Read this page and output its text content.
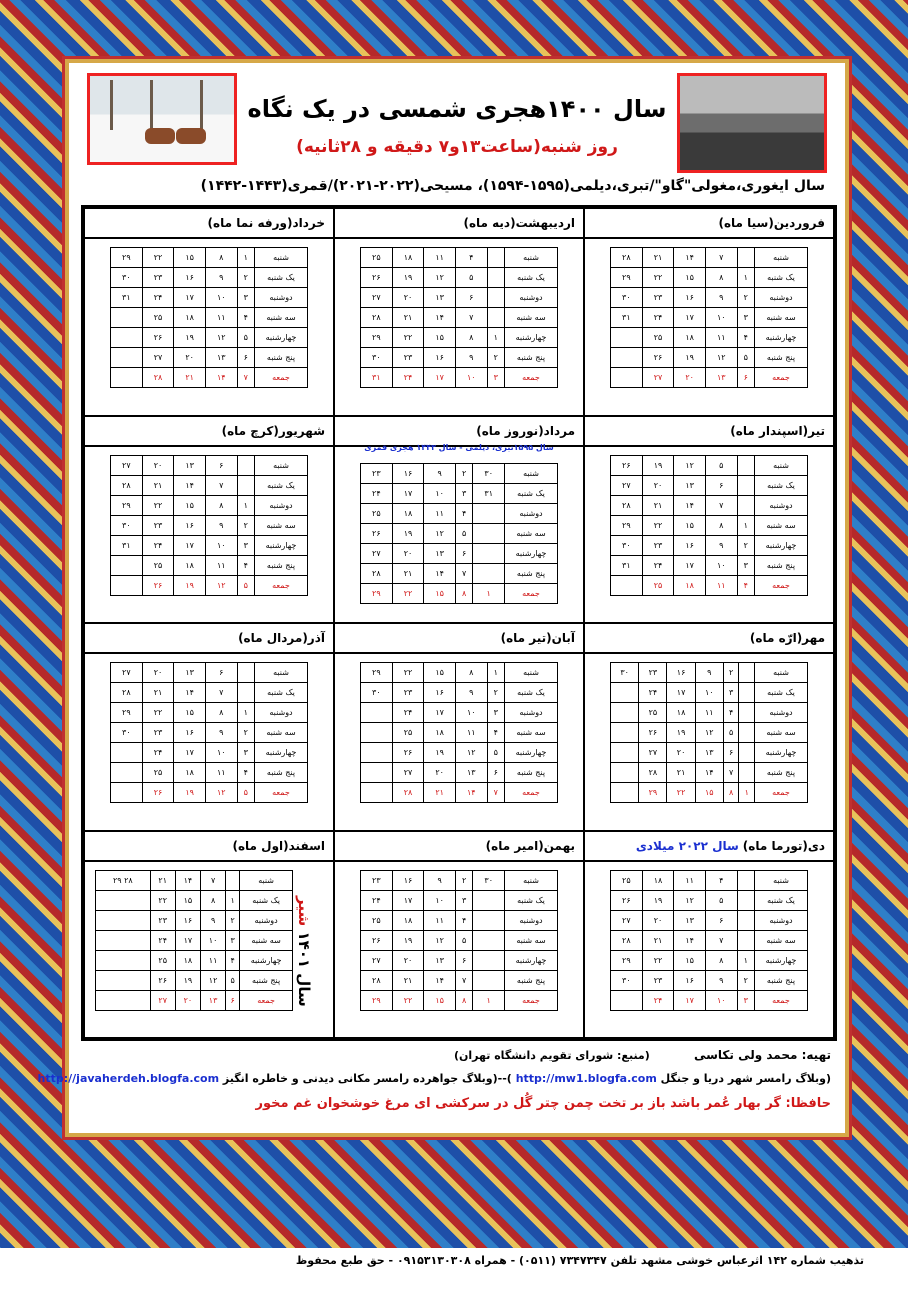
سال ۱۴۰۰هجری شمسی در یک نگاه
روز شنبه(ساعت۱۳و۷ دقیقه و ۲۸ثانیه)
سال ایغوری،مغولی"گاو"/تبری،دیلمی(۱۵۹۵-۱۵۹۴)، مسیحی(۲۰۲۲-۲۰۲۱)/قمری(۱۴۴۳-۱۴۴۲)
فروردین(سیا ماه)
شنبه		۷	۱۴	۲۱	۲۸
یک شنبه	۱	۸	۱۵	۲۲	۲۹
دوشنبه	۲	۹	۱۶	۲۳	۳۰
سه شنبه	۳	۱۰	۱۷	۲۴	۳۱
چهارشنبه	۴	۱۱	۱۸	۲۵	
پنج شنبه	۵	۱۲	۱۹	۲۶	
جمعه	۶	۱۳	۲۰	۲۷	
اردیبهشت(دیه ماه)
شنبه		۴	۱۱	۱۸	۲۵
یک شنبه		۵	۱۲	۱۹	۲۶
دوشنبه		۶	۱۳	۲۰	۲۷
سه شنبه		۷	۱۴	۲۱	۲۸
چهارشنبه	۱	۸	۱۵	۲۲	۲۹
پنج شنبه	۲	۹	۱۶	۲۳	۳۰
جمعه	۳	۱۰	۱۷	۲۴	۳۱
خرداد(ورفه نما ماه)
شنبه	۱	۸	۱۵	۲۲	۲۹
یک شنبه	۲	۹	۱۶	۲۳	۳۰
دوشنبه	۳	۱۰	۱۷	۲۴	۳۱
سه شنبه	۴	۱۱	۱۸	۲۵	
چهارشنبه	۵	۱۲	۱۹	۲۶	
پنج شنبه	۶	۱۳	۲۰	۲۷	
جمعه	۷	۱۴	۲۱	۲۸	
تیر(اسپندار ماه)
شنبه		۵	۱۲	۱۹	۲۶
یک شنبه		۶	۱۳	۲۰	۲۷
دوشنبه		۷	۱۴	۲۱	۲۸
سه شنبه	۱	۸	۱۵	۲۲	۲۹
چهارشنبه	۲	۹	۱۶	۲۳	۳۰
پنج شنبه	۳	۱۰	۱۷	۲۴	۳۱
جمعه	۴	۱۱	۱۸	۲۵	
مرداد(نوروز ماه)
سال ۱۵۹۵تبری، دیلمی - سال ۱۴۴۳ هجری قمری
شنبه	۳۰	۲	۹	۱۶	۲۳
یک شنبه	۳۱	۳	۱۰	۱۷	۲۴
دوشنبه		۴	۱۱	۱۸	۲۵
سه شنبه		۵	۱۲	۱۹	۲۶
چهارشنبه		۶	۱۳	۲۰	۲۷
پنج شنبه		۷	۱۴	۲۱	۲۸
جمعه	۱	۸	۱۵	۲۲	۲۹
شهریور(کرچ ماه)
شنبه		۶	۱۳	۲۰	۲۷
یک شنبه		۷	۱۴	۲۱	۲۸
دوشنبه	۱	۸	۱۵	۲۲	۲۹
سه شنبه	۲	۹	۱۶	۲۳	۳۰
چهارشنبه	۳	۱۰	۱۷	۲۴	۳۱
پنج شنبه	۴	۱۱	۱۸	۲۵	
جمعه	۵	۱۲	۱۹	۲۶	
مهر(ارّه ماه)
شنبه		۲	۹	۱۶	۲۳	۳۰
یک شنبه		۳	۱۰	۱۷	۲۴	
دوشنبه		۴	۱۱	۱۸	۲۵	
سه شنبه		۵	۱۲	۱۹	۲۶	
چهارشنبه		۶	۱۳	۲۰	۲۷	
پنج شنبه		۷	۱۴	۲۱	۲۸	
جمعه	۱	۸	۱۵	۲۲	۲۹	
آبان(تیر ماه)
شنبه	۱	۸	۱۵	۲۲	۲۹
یک شنبه	۲	۹	۱۶	۲۳	۳۰
دوشنبه	۳	۱۰	۱۷	۲۴	
سه شنبه	۴	۱۱	۱۸	۲۵	
چهارشنبه	۵	۱۲	۱۹	۲۶	
پنج شنبه	۶	۱۳	۲۰	۲۷	
جمعه	۷	۱۴	۲۱	۲۸	
آذر(مردال ماه)
شنبه		۶	۱۳	۲۰	۲۷
یک شنبه		۷	۱۴	۲۱	۲۸
دوشنبه	۱	۸	۱۵	۲۲	۲۹
سه شنبه	۲	۹	۱۶	۲۳	۳۰
چهارشنبه	۳	۱۰	۱۷	۲۴	
پنج شنبه	۴	۱۱	۱۸	۲۵	
جمعه	۵	۱۲	۱۹	۲۶	
دی(تورما ماه)
سال ۲۰۲۲ میلادی
شنبه		۴	۱۱	۱۸	۲۵
یک شنبه		۵	۱۲	۱۹	۲۶
دوشنبه		۶	۱۳	۲۰	۲۷
سه شنبه		۷	۱۴	۲۱	۲۸
چهارشنبه	۱	۸	۱۵	۲۲	۲۹
پنج شنبه	۲	۹	۱۶	۲۳	۳۰
جمعه	۳	۱۰	۱۷	۲۴	
بهمن(امیر ماه)
شنبه	۳۰	۲	۹	۱۶	۲۳
یک شنبه		۳	۱۰	۱۷	۲۴
دوشنبه		۴	۱۱	۱۸	۲۵
سه شنبه		۵	۱۲	۱۹	۲۶
چهارشنبه		۶	۱۳	۲۰	۲۷
پنج شنبه		۷	۱۴	۲۱	۲۸
جمعه	۱	۸	۱۵	۲۲	۲۹
اسفند(اول ماه)
شنبه		۷	۱۴	۲۱	۲۸ ۲۹
یک شنبه	۱	۸	۱۵	۲۲	
دوشنبه	۲	۹	۱۶	۲۳	
سه شنبه	۳	۱۰	۱۷	۲۴	
چهارشنبه	۴	۱۱	۱۸	۲۵	
پنج شنبه	۵	۱۲	۱۹	۲۶	
جمعه	۶	۱۳	۲۰	۲۷	
سال ۱۴۰۱ شیر
تهیه: محمد ولی تکاسی (منبع: شورای تقویم دانشگاه تهران)
(وبلاگ رامسر شهر دریا و جنگل http://mw1.blogfa.com )--(وبلاگ جواهرده رامسر مکانی دیدنی و خاطره انگیز http://javaherdeh.blogfa.com
حافظا: گر بهار عُمر باشد باز بر تخت چمن چتر گُل در سرکشی ای مرغ خوشخوان غم مخور
تذهیب شماره ۱۴۲ اثرعباس خوشی مشهد تلفن ۷۳۴۷۳۴۷ (۰۵۱۱) - همراه ۰۹۱۵۳۱۳۰۳۰۸ - حق طبع محفوظ
